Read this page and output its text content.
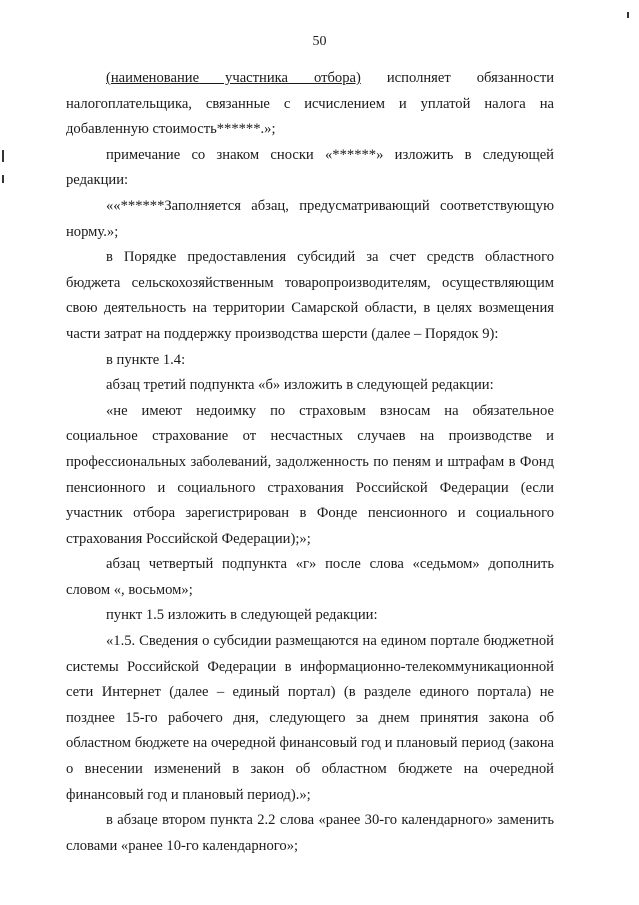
50

(наименование участника отбора) исполняет обязанности налогоплательщика, связанные с исчислением и уплатой налога на добавленную стоимость******.»;

примечание со знаком сноски «******» изложить в следующей редакции:

««******Заполняется абзац, предусматривающий соответствующую норму.»;

в Порядке предоставления субсидий за счет средств областного бюджета сельскохозяйственным товаропроизводителям, осуществляющим свою деятельность на территории Самарской области, в целях возмещения части затрат на поддержку производства шерсти (далее – Порядок 9):

в пункте 1.4:

абзац третий подпункта «б» изложить в следующей редакции:

«не имеют недоимку по страховым взносам на обязательное социальное страхование от несчастных случаев на производстве и профессиональных заболеваний, задолженность по пеням и штрафам в Фонд пенсионного и социального страхования Российской Федерации (если участник отбора зарегистрирован в Фонде пенсионного и социального страхования Российской Федерации);»;

абзац четвертый подпункта «г» после слова «седьмом» дополнить словом «, восьмом»;

пункт 1.5 изложить в следующей редакции:

«1.5. Сведения о субсидии размещаются на едином портале бюджетной системы Российской Федерации в информационно-телекоммуникационной сети Интернет (далее – единый портал) (в разделе единого портала) не позднее 15-го рабочего дня, следующего за днем принятия закона об областном бюджете на очередной финансовый год и плановый период (закона о внесении изменений в закон об областном бюджете на очередной финансовый год и плановый период).»;

в абзаце втором пункта 2.2 слова «ранее 30-го календарного» заменить словами «ранее 10-го календарного»;
